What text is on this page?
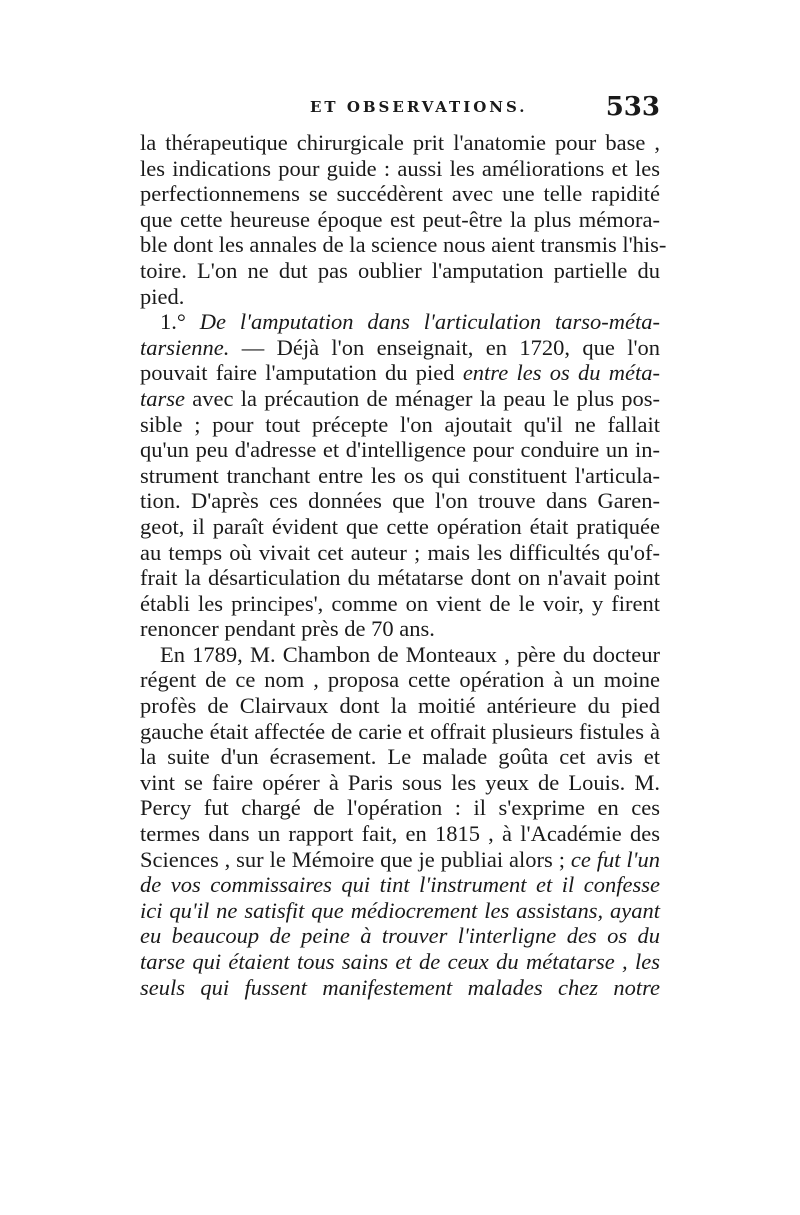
ET OBSERVATIONS.	533
la thérapeutique chirurgicale prit l'anatomie pour base ,
les indications pour guide : aussi les améliorations et les
perfectionnemens se succédèrent avec une telle rapidité
que cette heureuse époque est peut-être la plus mémora-
ble dont les annales de la science nous aient transmis l'his-
toire. L'on ne dut pas oublier l'amputation partielle du
pied.
1.° De l'amputation dans l'articulation tarso-méta-
tarsienne. — Déjà l'on enseignait, en 1720, que l'on
pouvait faire l'amputation du pied entre les os du méta-
tarse avec la précaution de ménager la peau le plus pos-
sible ; pour tout précepte l'on ajoutait qu'il ne fallait
qu'un peu d'adresse et d'intelligence pour conduire un in-
strument tranchant entre les os qui constituent l'articula-
tion. D'après ces données que l'on trouve dans Garen-
geot, il paraît évident que cette opération était pratiquée
au temps où vivait cet auteur ; mais les difficultés qu'of-
frait la désarticulation du métatarse dont on n'avait point
établi les principes', comme on vient de le voir, y firent
renoncer pendant près de 70 ans.
En 1789, M. Chambon de Monteaux , père du docteur
régent de ce nom , proposa cette opération à un moine
profès de Clairvaux dont la moitié antérieure du pied
gauche était affectée de carie et offrait plusieurs fistules à
la suite d'un écrasement. Le malade goûta cet avis et
vint se faire opérer à Paris sous les yeux de Louis. M.
Percy fut chargé de l'opération : il s'exprime en ces
termes dans un rapport fait, en 1815 , à l'Académie des
Sciences , sur le Mémoire que je publiai alors ; ce fut l'un
de vos commissaires qui tint l'instrument et il confesse
ici qu'il ne satisfit que médiocrement les assistans, ayant
eu beaucoup de peine à trouver l'interligne des os du
tarse qui étaient tous sains et de ceux du métatarse , les
seuls qui fussent manifestement malades chez notre
